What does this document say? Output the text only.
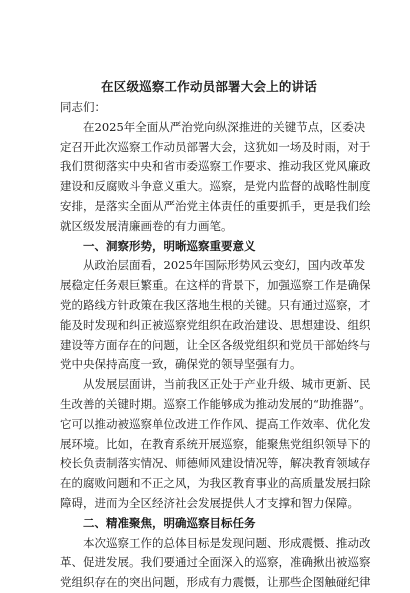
在区级巡察工作动员部署大会上的讲话

同志们：

在2025年全面从严治党向纵深推进的关键节点，区委决

定召开此次巡察工作动员部署大会，这犹如一场及时雨，对于

我们贯彻落实中央和省市委巡察工作要求、推动我区党风廉政

建设和反腐败斗争意义重大。巡察，是党内监督的战略性制度

安排，是落实全面从严治党主体责任的重要抓手，更是我们绘

就区级发展清廉画卷的有力画笔。

一、洞察形势，明晰巡察重要意义

从政治层面看，2025年国际形势风云变幻，国内改革发

展稳定任务艰巨繁重。在这样的背景下，加强巡察工作是确保

党的路线方针政策在我区落地生根的关键。只有通过巡察，才

能及时发现和纠正被巡察党组织在政治建设、思想建设、组织

建设等方面存在的问题，让全区各级党组织和党员干部始终与

党中央保持高度一致，确保党的领导坚强有力。

从发展层面讲，当前我区正处于产业升级、城市更新、民

生改善的关键时期。巡察工作能够成为推动发展的“助推器”。

它可以推动被巡察单位改进工作作风、提高工作效率、优化发

展环境。比如，在教育系统开展巡察，能聚焦党组织领导下的

校长负责制落实情况、师德师风建设情况等，解决教育领域存

在的腐败问题和不正之风，为我区教育事业的高质量发展扫除

障碍，进而为全区经济社会发展提供人才支撑和智力保障。

二、精准聚焦，明确巡察目标任务

本次巡察工作的总体目标是发现问题、形成震慑、推动改

革、促进发展。我们要通过全面深入的巡察，准确揪出被巡察

党组织存在的突出问题，形成有力震慑，让那些企图触碰纪律
